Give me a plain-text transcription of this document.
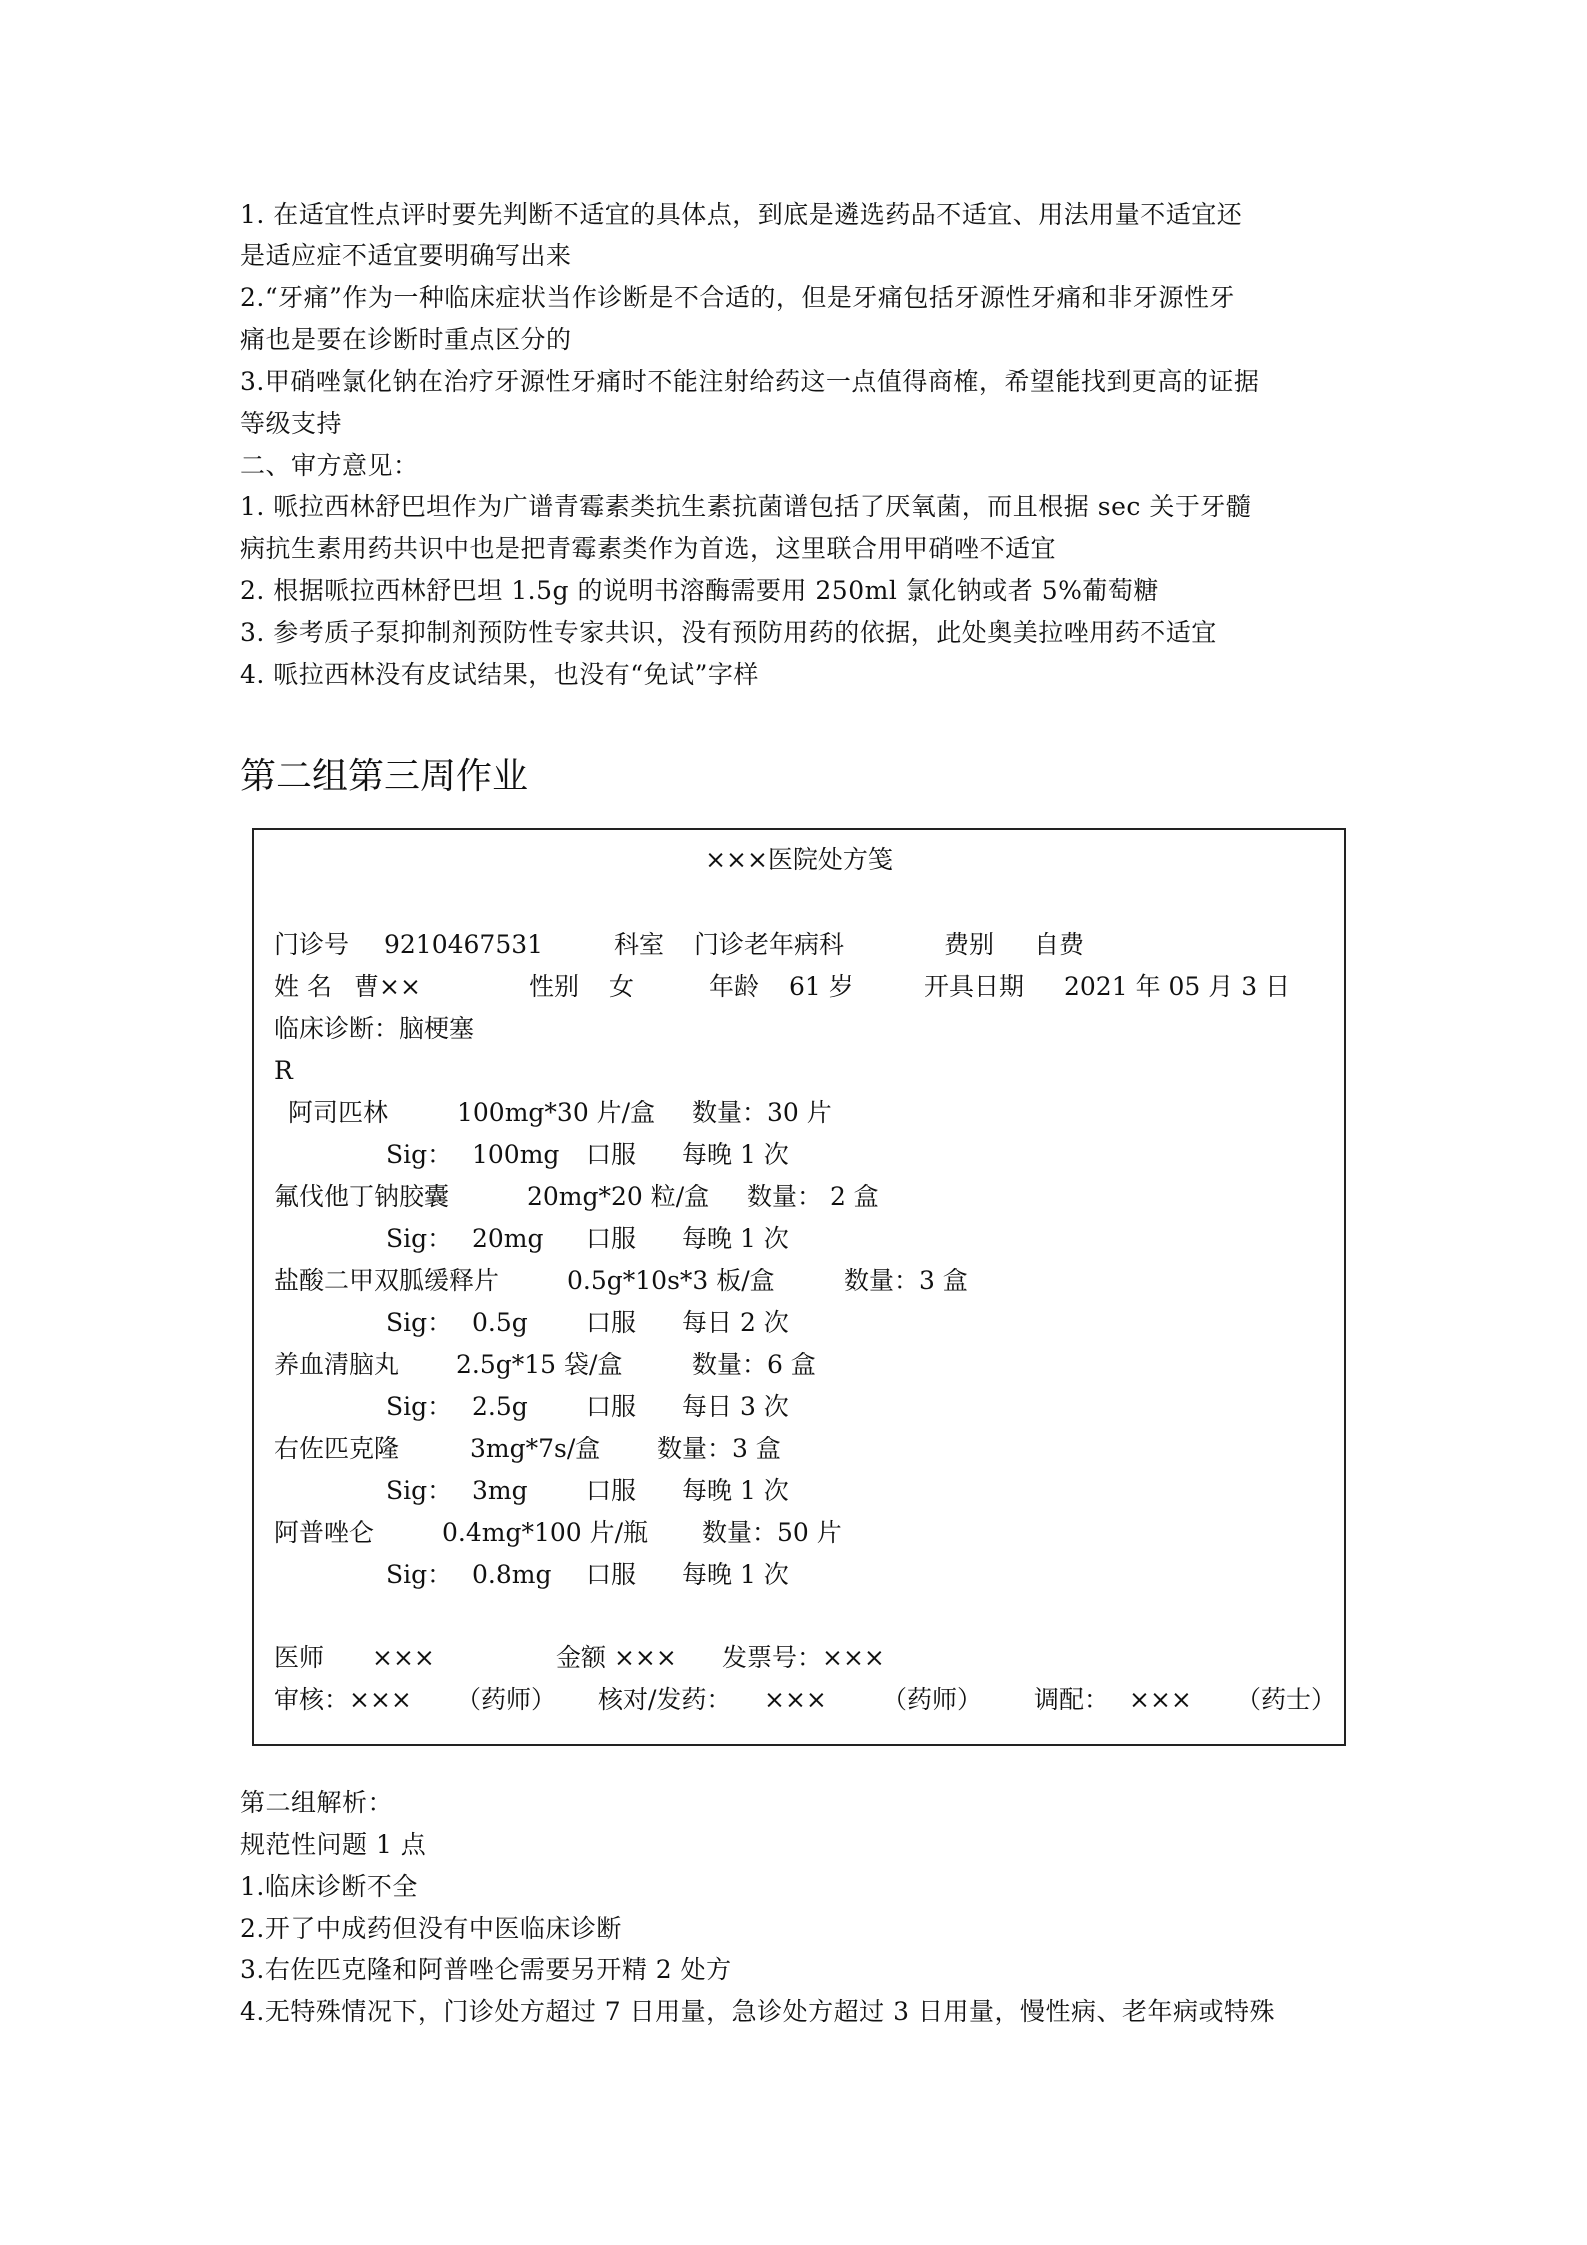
1. 在适宜性点评时要先判断不适宜的具体点，到底是遴选药品不适宜、用法用量不适宜还
是适应症不适宜要明确写出来
2.“牙痛”作为一种临床症状当作诊断是不合适的，但是牙痛包括牙源性牙痛和非牙源性牙
痛也是要在诊断时重点区分的
3.甲硝唑氯化钠在治疗牙源性牙痛时不能注射给药这一点值得商榷，希望能找到更高的证据
等级支持
二、审方意见：
1. 哌拉西林舒巴坦作为广谱青霉素类抗生素抗菌谱包括了厌氧菌，而且根据 sec 关于牙髓
病抗生素用药共识中也是把青霉素类作为首选，这里联合用甲硝唑不适宜
2. 根据哌拉西林舒巴坦 1.5g 的说明书溶酶需要用 250ml 氯化钠或者 5%葡萄糖
3. 参考质子泵抑制剂预防性专家共识，没有预防用药的依据，此处奥美拉唑用药不适宜
4. 哌拉西林没有皮试结果，也没有“免试”字样
第二组第三周作业
×××医院处方笺
门诊号 9210467531	科室 门诊老年病科	费别 自费
姓 名 曹××	性别 女	年龄 61 岁	开具日期 2021 年 05 月 3 日
临床诊断：脑梗塞
R
阿司匹林	100mg*30 片/盒 数量：30 片
Sig： 100mg 口服 每晚 1 次
氟伐他丁钠胶囊	20mg*20 粒/盒 数量： 2 盒
Sig： 20mg 口服 每晚 1 次
盐酸二甲双胍缓释片	0.5g*10s*3 板/盒	数量：3 盒
Sig： 0.5g 口服 每日 2 次
养血清脑丸 2.5g*15 袋/盒	数量：6 盒
Sig： 2.5g 口服 每日 3 次
右佐匹克隆	3mg*7s/盒 数量：3 盒
Sig： 3mg 口服 每晚 1 次
阿普唑仑	0.4mg*100 片/瓶 数量：50 片
Sig： 0.8mg 口服 每晚 1 次
医师 ×××	金额 ××× 发票号：×××
审核：××× （药师） 核对/发药： ××× （药师） 调配： ××× （药士）
第二组解析：
规范性问题 1 点
1.临床诊断不全
2.开了中成药但没有中医临床诊断
3.右佐匹克隆和阿普唑仑需要另开精 2 处方
4.无特殊情况下，门诊处方超过 7 日用量，急诊处方超过 3 日用量，慢性病、老年病或特殊
